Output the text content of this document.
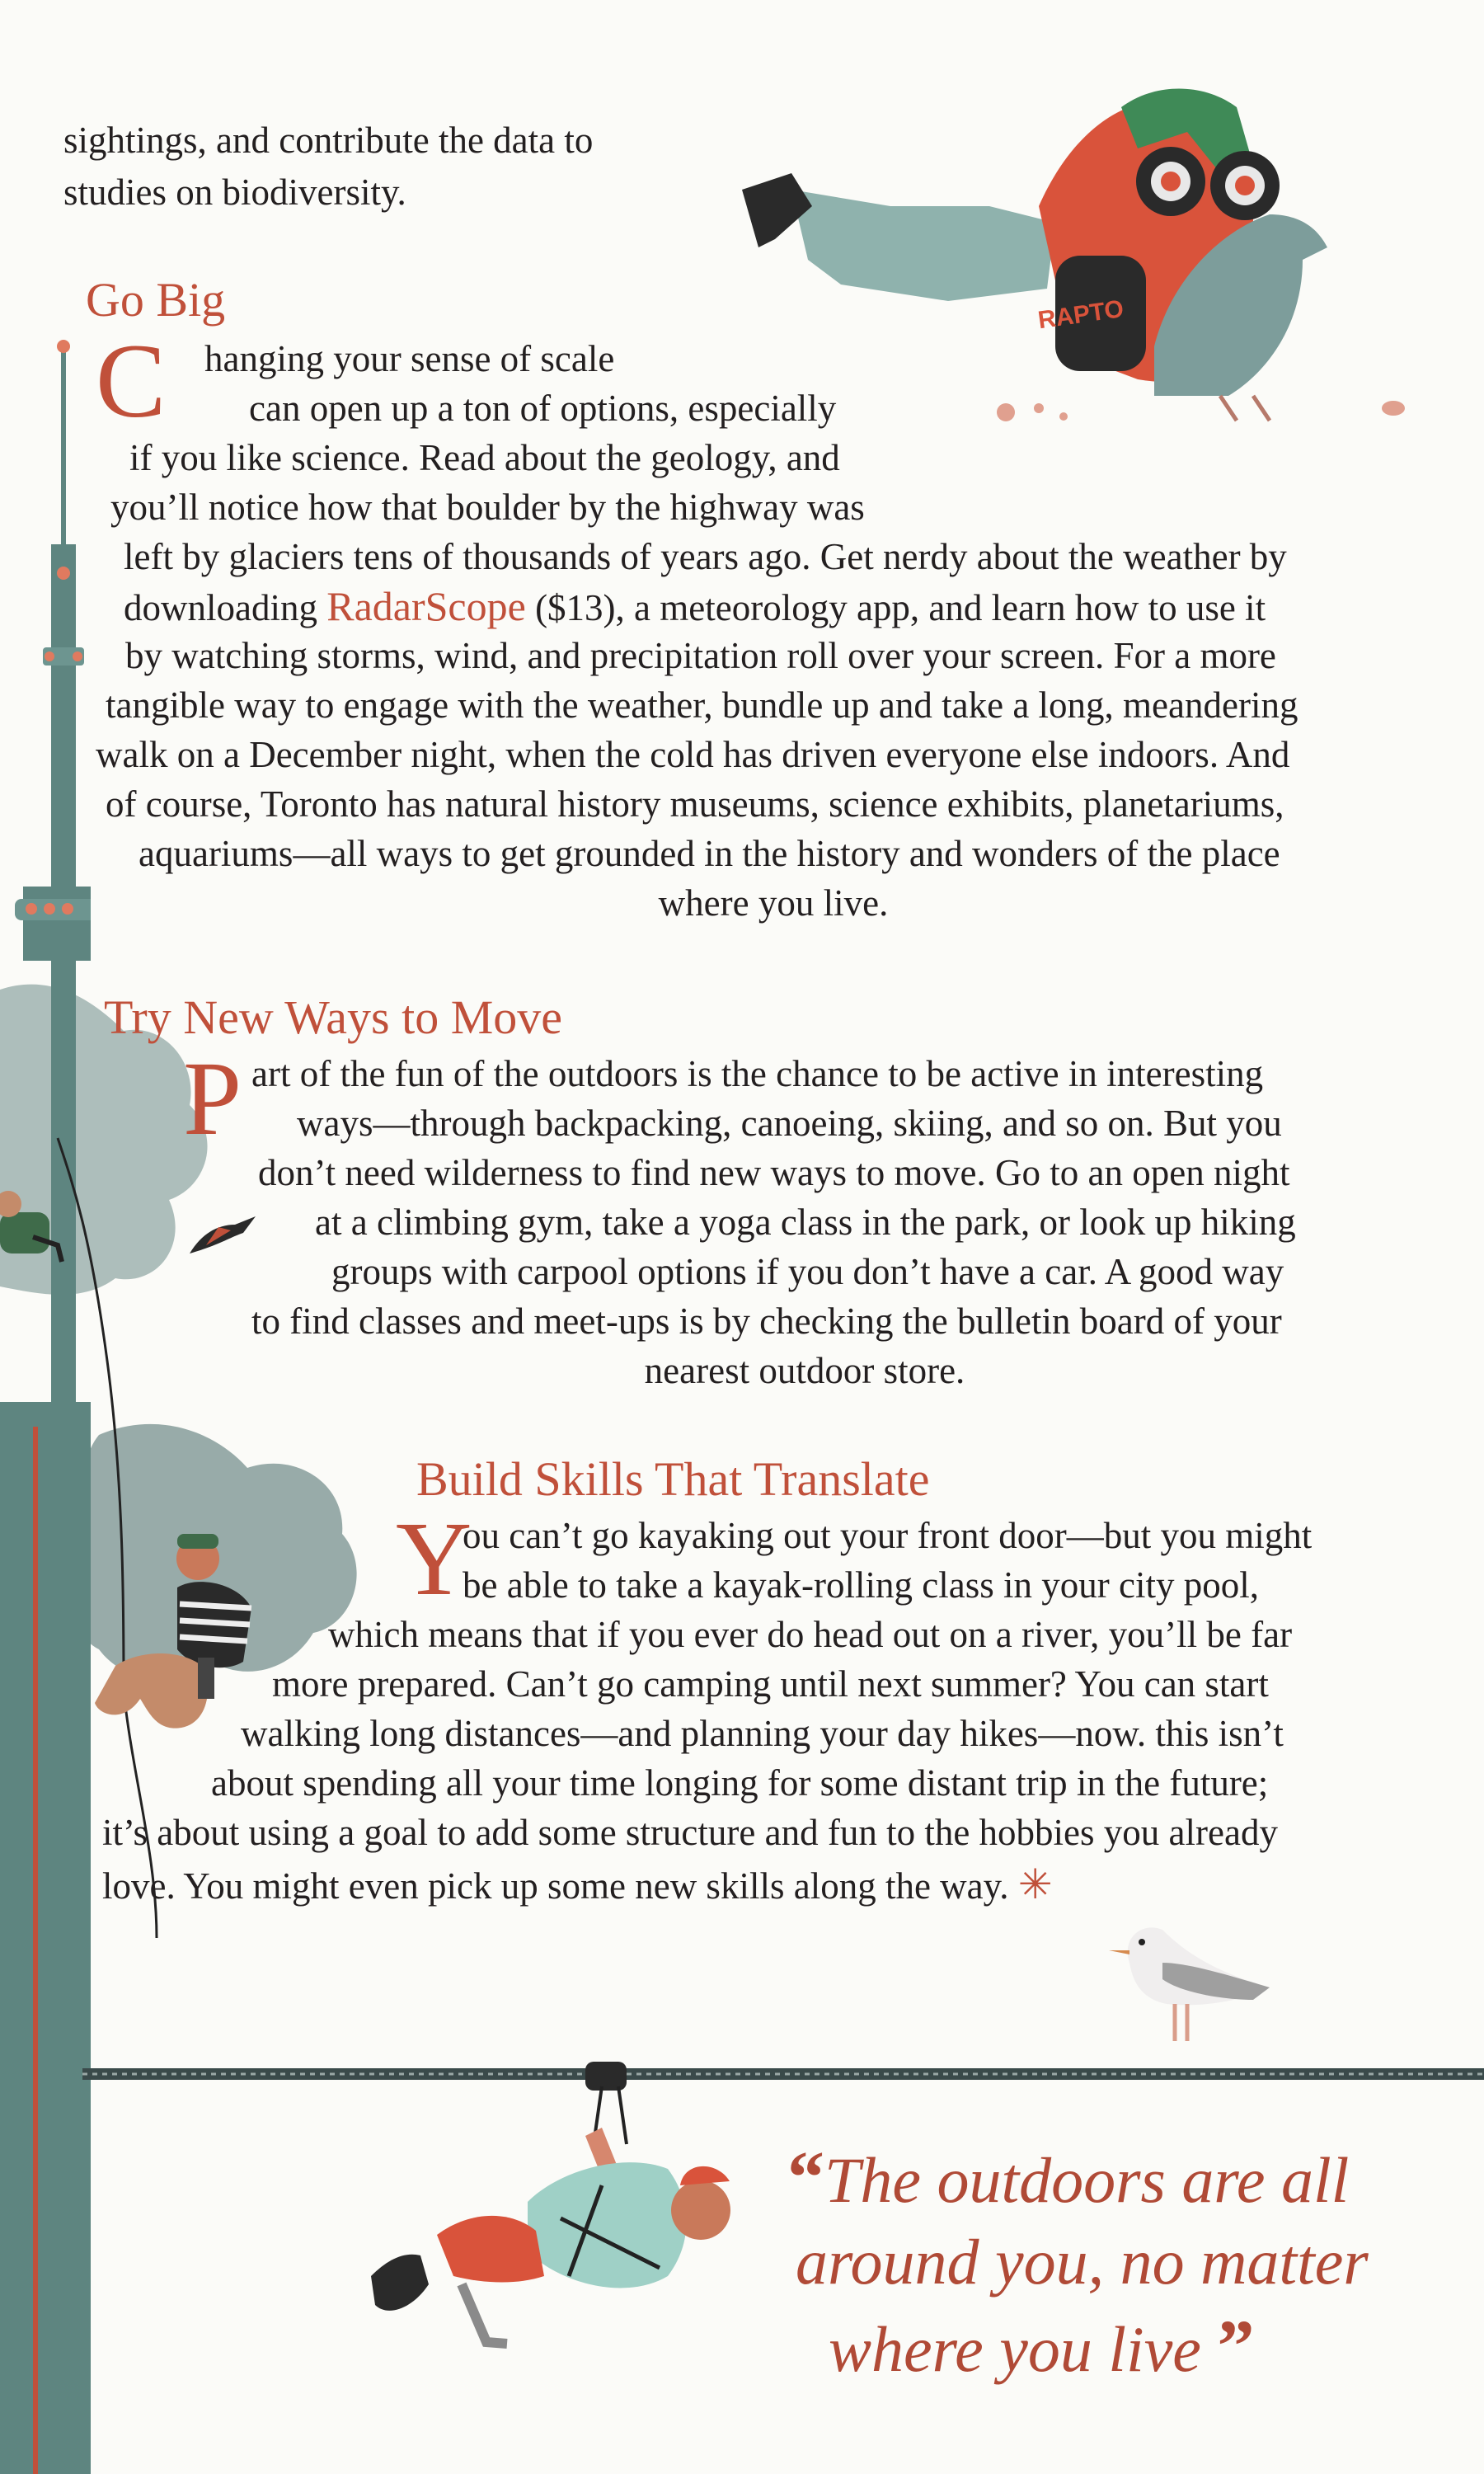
RAPTO
sightings, and contribute the data to
studies on biodiversity.
Go Big
C hanging your sense of scale
can open up a ton of options, especially
if you like science. Read about the geology, and
you’ll notice how that boulder by the highway was
left by glaciers tens of thousands of years ago. Get nerdy about the weather by
downloading RadarScope ($13), a meteorology app, and learn how to use it
by watching storms, wind, and precipitation roll over your screen. For a more
tangible way to engage with the weather, bundle up and take a long, meandering
walk on a December night, when the cold has driven everyone else indoors. And
of course, Toronto has natural history museums, science exhibits, planetariums,
aquariums—all ways to get grounded in the history and wonders of the place
where you live.
Try New Ways to Move
P art of the fun of the outdoors is the chance to be active in interesting
ways—through backpacking, canoeing, skiing, and so on. But you
don’t need wilderness to find new ways to move. Go to an open night
at a climbing gym, take a yoga class in the park, or look up hiking
groups with carpool options if you don’t have a car. A good way
to find classes and meet-ups is by checking the bulletin board of your
nearest outdoor store.
Build Skills That Translate
Y
ou can’t go kayaking out your front door—but you might
be able to take a kayak-rolling class in your city pool,
which means that if you ever do head out on a river, you’ll be far
more prepared. Can’t go camping until next summer? You can start
walking long distances—and planning your day hikes—now. this isn’t
about spending all your time longing for some distant trip in the future;
it’s about using a goal to add some structure and fun to the hobbies you already
love. You might even pick up some new skills along the way. ✳
“The outdoors are all
around you, no matter
where you live ”
